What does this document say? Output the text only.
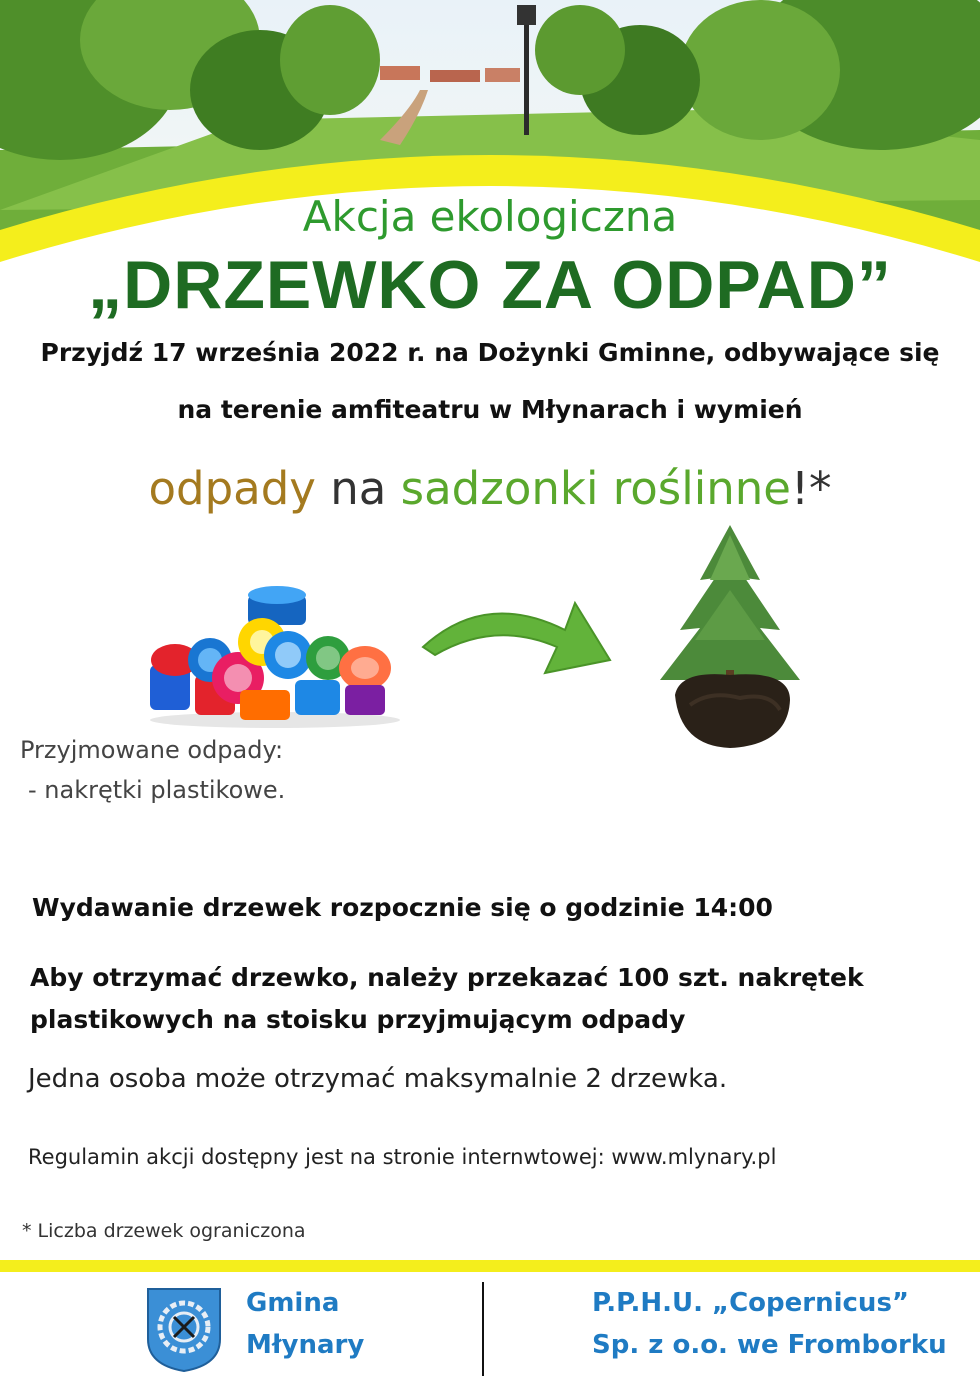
Akcja ekologiczna
„DRZEWKO ZA ODPAD”
Przyjdź 17 września 2022 r. na Dożynki Gminne, odbywające się
na terenie amfiteatru w Młynarach i wymień
odpady na sadzonki roślinne!*
Przyjmowane odpady:
- nakrętki plastikowe.
Wydawanie drzewek rozpocznie się o godzinie 14:00
Aby otrzymać drzewko, należy przekazać 100 szt. nakrętek plastikowych na stoisku przyjmującym odpady
Jedna osoba może otrzymać maksymalnie 2 drzewka.
Regulamin akcji dostępny jest na stronie internwtowej: www.mlynary.pl
* Liczba drzewek ograniczona
Gmina
Młynary
P.P.H.U. „Copernicus”
Sp. z o.o. we Fromborku
